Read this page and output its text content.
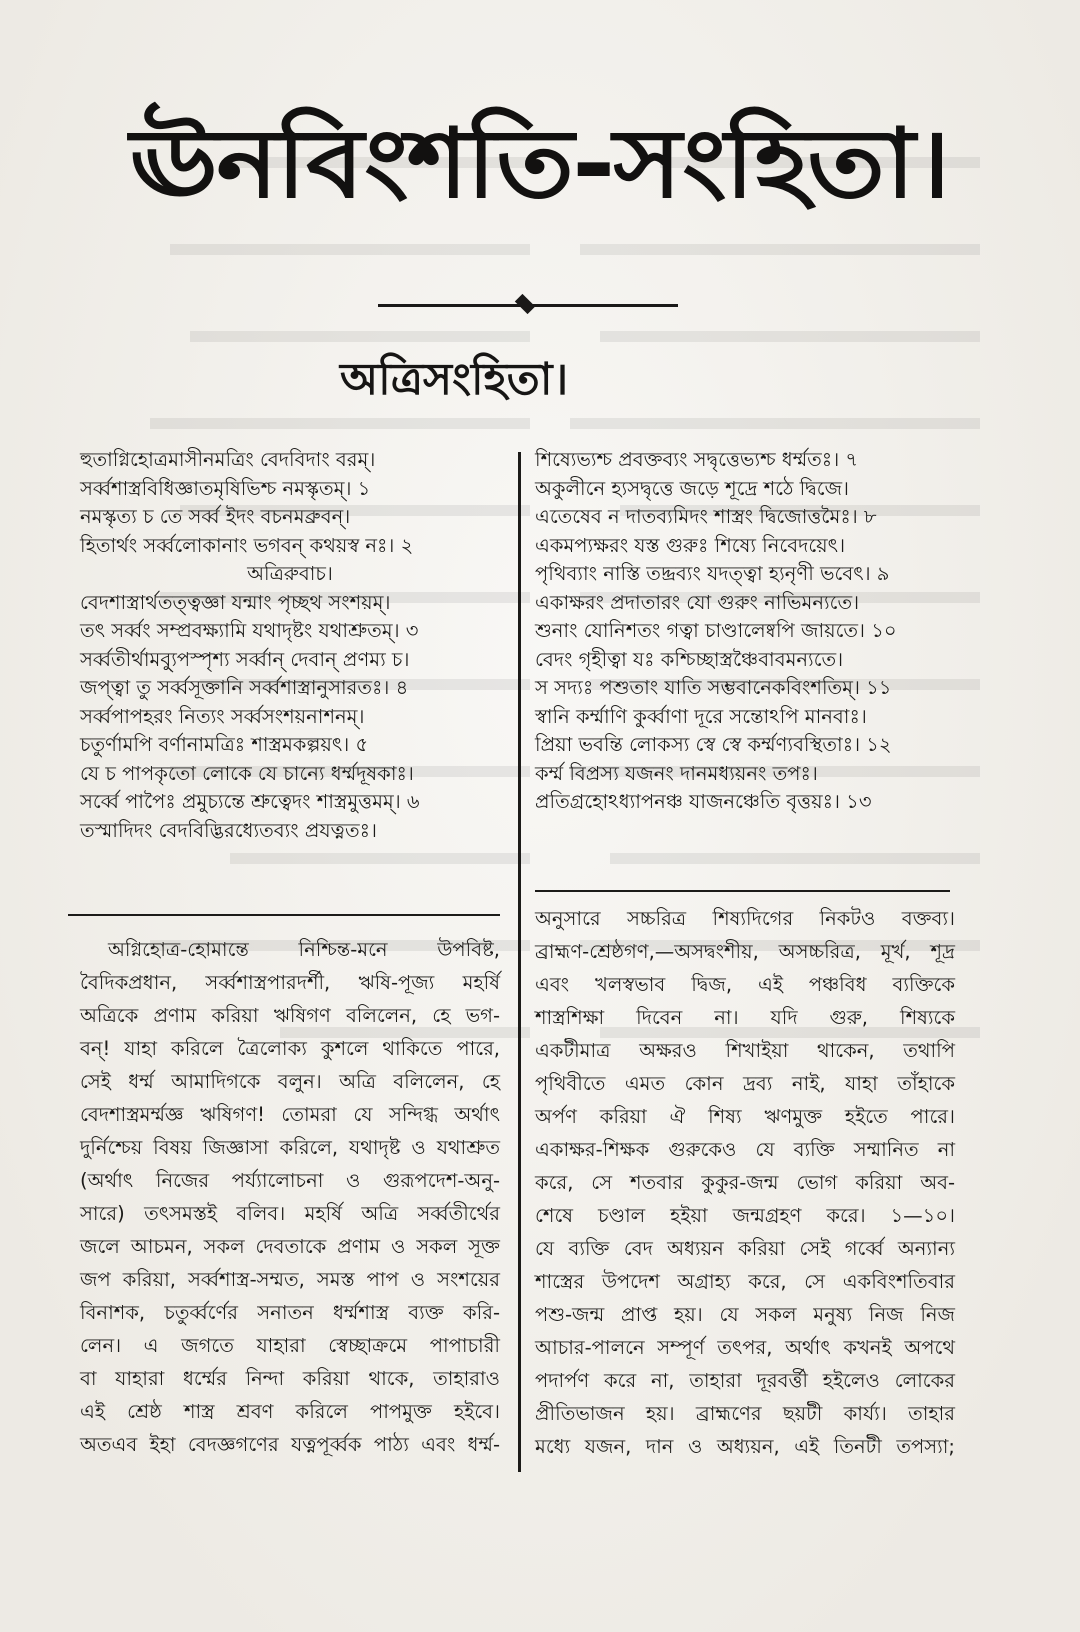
ঊনবিংশতি-সংহিতা।
অত্রিসংহিতা।
হুতাগ্নিহোত্রমাসীনমত্রিং বেদবিদাং বরম্।
সর্ব্বশাস্ত্রবিধিজ্ঞাতমৃষিভিশ্চ নমস্কৃতম্। ১
নমস্কৃত্য চ তে সর্ব্ব ইদং বচনমব্রুবন্।
হিতার্থং সর্ব্বলোকানাং ভগবন্ কথয়স্ব নঃ। ২
অত্রিরুবাচ।
বেদশাস্ত্রার্থতত্ত্বজ্ঞা যন্মাং পৃচ্ছথ সংশয়ম্।
তৎ সর্ব্বং সম্প্রবক্ষ্যামি যথাদৃষ্টং যথাশ্রুতম্। ৩
সর্ব্বতীর্থাম্ব্যুপস্পৃশ্য সর্ব্বান্ দেবান্ প্রণম্য চ।
জপ্ত্বা তু সর্ব্বসূক্তানি সর্ব্বশাস্ত্রানুসারতঃ। ৪
সর্ব্বপাপহরং নিত্যং সর্ব্বসংশয়নাশনম্।
চতুর্ণামপি বর্ণানামত্রিঃ শাস্ত্রমকল্পয়ৎ। ৫
যে চ পাপকৃতো লোকে যে চান্যে ধর্ম্মদূষকাঃ।
সর্ব্বে পাপৈঃ প্রমুচ্যন্তে শ্রুত্বেদং শাস্ত্রমুত্তমম্। ৬
তস্মাদিদং বেদবিদ্ভিরধ্যেতব্যং প্রযত্নতঃ।
শিষ্যেভ্যশ্চ প্রবক্তব্যং সদ্বৃত্তেভ্যশ্চ ধর্ম্মতঃ। ৭
অকুলীনে হ্যসদ্বৃত্তে জড়ে শূদ্রে শঠে দ্বিজে।
এতেষেব ন দাতব্যমিদং শাস্ত্রং দ্বিজোত্তমৈঃ। ৮
একমপ্যক্ষরং যস্ত গুরুঃ শিষ্যে নিবেদয়েৎ।
পৃথিব্যাং নাস্তি তদ্দ্রব্যং যদত্ত্বা হ্যনৃণী ভবেৎ। ৯
একাক্ষরং প্রদাতারং যো গুরুং নাভিমন্যতে।
শুনাং যোনিশতং গত্বা চাণ্ডালেষ্বপি জায়তে। ১০
বেদং গৃহীত্বা যঃ কশ্চিচ্ছাস্ত্রঞ্চৈবাবমন্যতে।
স সদ্যঃ পশুতাং যাতি সম্ভবানেকবিংশতিম্। ১১
স্বানি কর্ম্মাণি কুর্ব্বাণা দূরে সন্তোঽপি মানবাঃ।
প্রিয়া ভবন্তি লোকস্য স্বে স্বে কর্ম্মণ্যবস্থিতাঃ। ১২
কর্ম্ম বিপ্রস্য যজনং দানমধ্যয়নং তপঃ।
প্রতিগ্রহোঽধ্যাপনঞ্চ যাজনঞ্চেতি বৃত্তয়ঃ। ১৩
অগ্নিহোত্র-হোমান্তে নিশ্চিন্ত-মনে উপবিষ্ট,
বৈদিকপ্রধান, সর্ব্বশাস্ত্রপারদর্শী, ঋষি-পূজ্য মহর্ষি
অত্রিকে প্রণাম করিয়া ঋষিগণ বলিলেন, হে ভগ-
বন্! যাহা করিলে ত্রৈলোক্য কুশলে থাকিতে পারে,
সেই ধর্ম্ম আমাদিগকে বলুন। অত্রি বলিলেন, হে
বেদশাস্ত্রমর্ম্মজ্ঞ ঋষিগণ! তোমরা যে সন্দিগ্ধ অর্থাৎ
দুর্নিশ্চেয় বিষয় জিজ্ঞাসা করিলে, যথাদৃষ্ট ও যথাশ্রুত
(অর্থাৎ নিজের পর্য্যালোচনা ও গুরূপদেশ-অনু-
সারে) তৎসমস্তই বলিব। মহর্ষি অত্রি সর্ব্বতীর্থের
জলে আচমন, সকল দেবতাকে প্রণাম ও সকল সূক্ত
জপ করিয়া, সর্ব্বশাস্ত্র-সম্মত, সমস্ত পাপ ও সংশয়ের
বিনাশক, চতুর্ব্বর্ণের সনাতন ধর্ম্মশাস্ত্র ব্যক্ত করি-
লেন। এ জগতে যাহারা স্বেচ্ছাক্রমে পাপাচারী
বা যাহারা ধর্ম্মের নিন্দা করিয়া থাকে, তাহারাও
এই শ্রেষ্ঠ শাস্ত্র শ্রবণ করিলে পাপমুক্ত হইবে।
অতএব ইহা বেদজ্ঞগণের যত্নপূর্ব্বক পাঠ্য এবং ধর্ম্ম-
অনুসারে সচ্চরিত্র শিষ্যদিগের নিকটও বক্তব্য।
ব্রাহ্মণ-শ্রেষ্ঠগণ,—অসদ্বংশীয়, অসচ্চরিত্র, মূর্খ, শূদ্র
এবং খলস্বভাব দ্বিজ, এই পঞ্চবিধ ব্যক্তিকে
শাস্ত্রশিক্ষা দিবেন না। যদি গুরু, শিষ্যকে
একটীমাত্র অক্ষরও শিখাইয়া থাকেন, তথাপি
পৃথিবীতে এমত কোন দ্রব্য নাই, যাহা তাঁহাকে
অর্পণ করিয়া ঐ শিষ্য ঋণমুক্ত হইতে পারে।
একাক্ষর-শিক্ষক গুরুকেও যে ব্যক্তি সম্মানিত না
করে, সে শতবার কুকুর-জন্ম ভোগ করিয়া অব-
শেষে চণ্ডাল হইয়া জন্মগ্রহণ করে। ১—১০।
যে ব্যক্তি বেদ অধ্যয়ন করিয়া সেই গর্ব্বে অন্যান্য
শাস্ত্রের উপদেশ অগ্রাহ্য করে, সে একবিংশতিবার
পশু-জন্ম প্রাপ্ত হয়। যে সকল মনুষ্য নিজ নিজ
আচার-পালনে সম্পূর্ণ তৎপর, অর্থাৎ কখনই অপথে
পদার্পণ করে না, তাহারা দূরবর্ত্তী হইলেও লোকের
প্রীতিভাজন হয়। ব্রাহ্মণের ছয়টী কার্য্য। তাহার
মধ্যে যজন, দান ও অধ্যয়ন, এই তিনটী তপস্যা;
